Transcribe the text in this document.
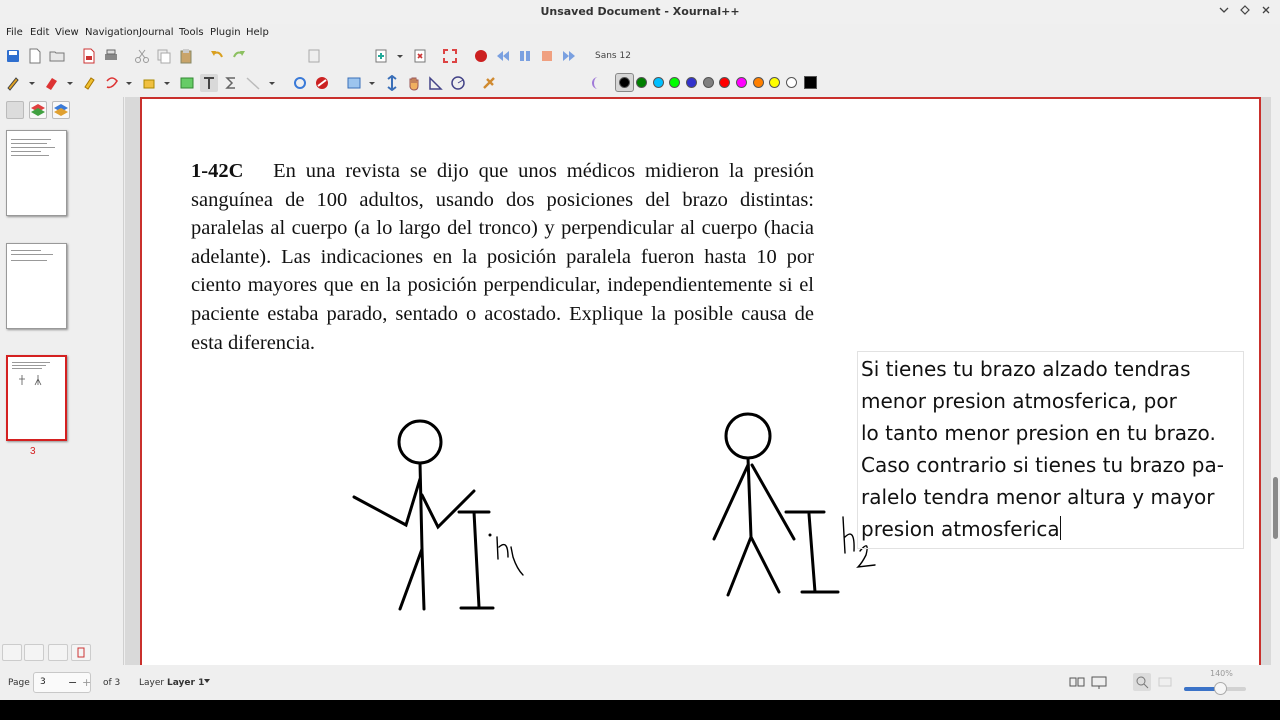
Unsaved Document - Xournal++
File Edit View Navigation Journal Tools Plugin Help
Sans 12
3
1-42C En una revista se dijo que unos médicos midieron la presión sanguínea de 100 adultos, usando dos posiciones del brazo distintas: paralelas al cuerpo (a lo largo del tronco) y perpendicular al cuerpo (hacia adelante). Las indicaciones en la posición paralela fueron hasta 10 por ciento mayores que en la posición perpendicular, independientemente si el paciente estaba parado, sentado o acostado. Explique la posible causa de esta diferencia.
Si tienes tu brazo alzado tendras
menor presion atmosferica, por
lo tanto menor presion en tu brazo.
Caso contrario si tienes tu brazo pa-
ralelo tendra menor altura y mayor
presion atmosferica
Page	3 − + of 3 Layer Layer 1
140%
